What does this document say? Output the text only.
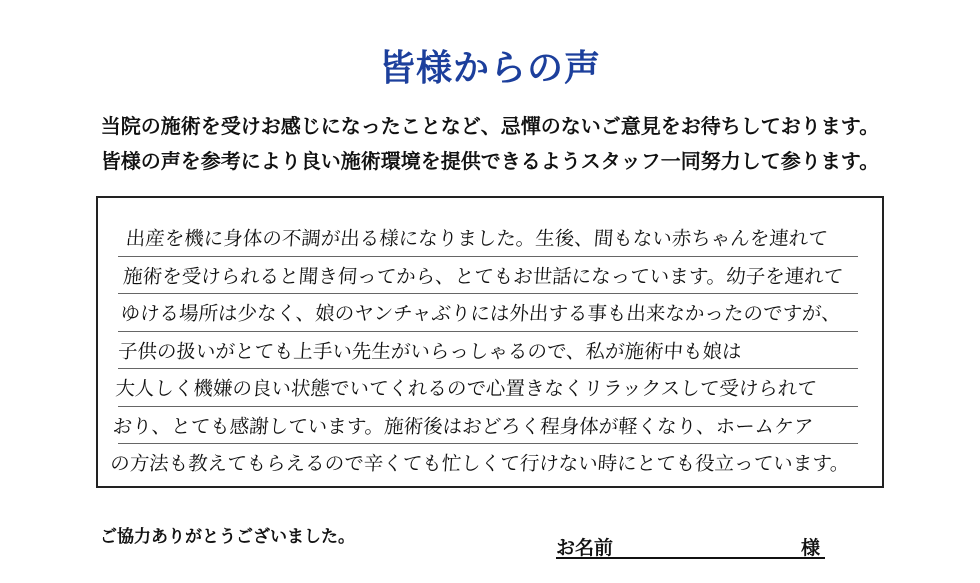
皆様からの声
当院の施術を受けお感じになったことなど、忌憚のないご意見をお待ちしております。
皆様の声を参考により良い施術環境を提供できるようスタッフ一同努力して参ります。
出産を機に身体の不調が出る様になりました。生後、間もない赤ちゃんを連れて
施術を受けられると聞き伺ってから、とてもお世話になっています。幼子を連れて
ゆける場所は少なく、娘のヤンチャぶりには外出する事も出来なかったのですが、
子供の扱いがとても上手い先生がいらっしゃるので、私が施術中も娘は
大人しく機嫌の良い状態でいてくれるので心置きなくリラックスして受けられて
おり、とても感謝しています。施術後はおどろく程身体が軽くなり、ホームケア
の方法も教えてもらえるので辛くても忙しくて行けない時にとても役立っています。
ご協力ありがとうございました。	お名前	様
